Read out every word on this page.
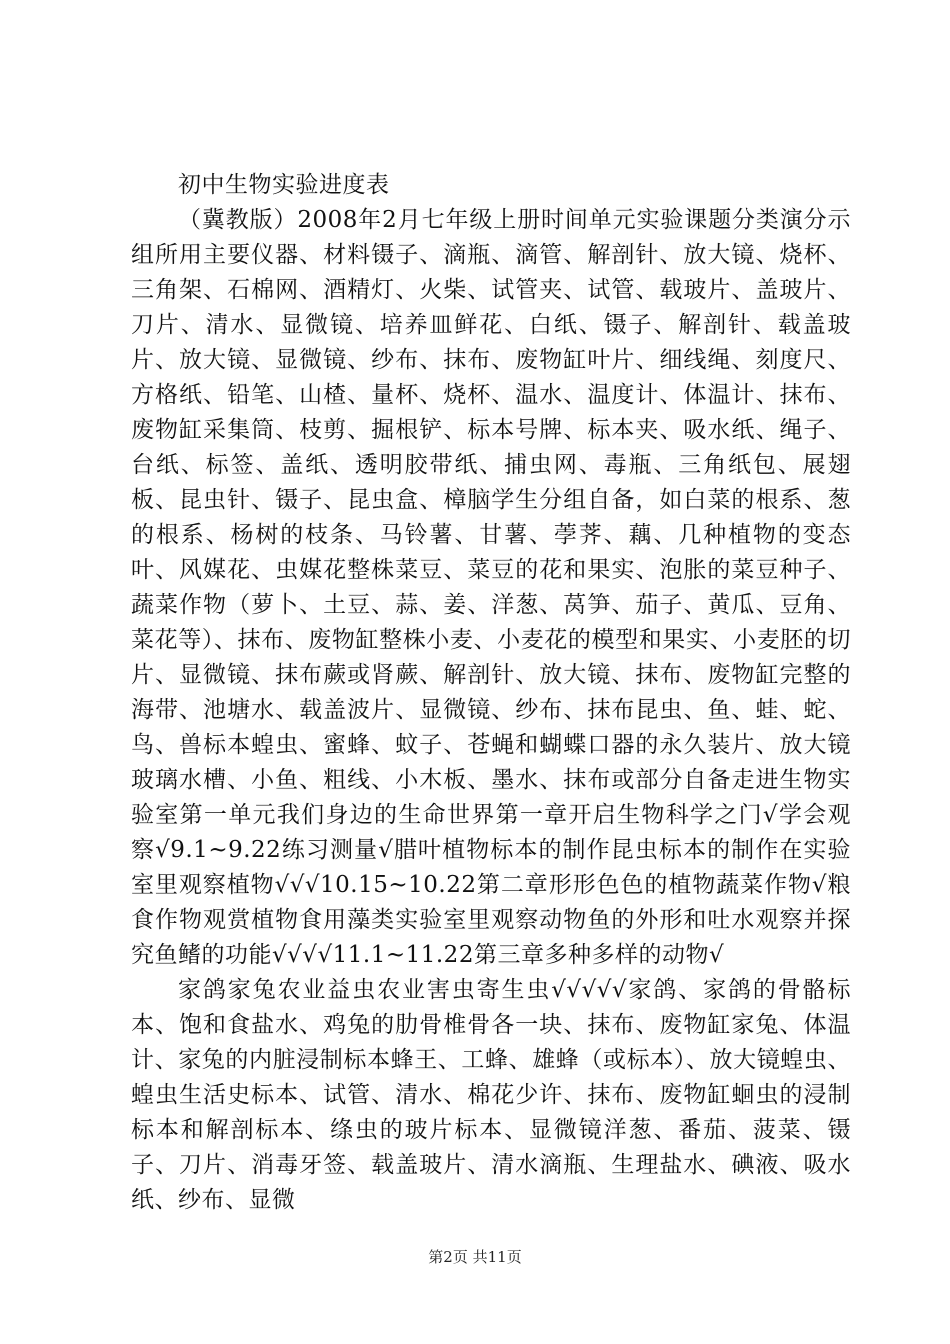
初中生物实验进度表

（冀教版）2008年2月七年级上册时间单元实验课题分类演分示组所用主要仪器、材料镊子、滴瓶、滴管、解剖针、放大镜、烧杯、三角架、石棉网、酒精灯、火柴、试管夹、试管、载玻片、盖玻片、刀片、清水、显微镜、培养皿鲜花、白纸、镊子、解剖针、载盖玻片、放大镜、显微镜、纱布、抹布、废物缸叶片、细线绳、刻度尺、方格纸、铅笔、山楂、量杯、烧杯、温水、温度计、体温计、抹布、废物缸采集筒、枝剪、掘根铲、标本号牌、标本夹、吸水纸、绳子、台纸、标签、盖纸、透明胶带纸、捕虫网、毒瓶、三角纸包、展翅板、昆虫针、镊子、昆虫盒、樟脑学生分组自备，如白菜的根系、葱的根系、杨树的枝条、马铃薯、甘薯、荸荠、藕、几种植物的变态叶、风媒花、虫媒花整株菜豆、菜豆的花和果实、泡胀的菜豆种子、蔬菜作物（萝卜、土豆、蒜、姜、洋葱、莴笋、茄子、黄瓜、豆角、菜花等）、抹布、废物缸整株小麦、小麦花的模型和果实、小麦胚的切片、显微镜、抹布蕨或肾蕨、解剖针、放大镜、抹布、废物缸完整的海带、池塘水、载盖波片、显微镜、纱布、抹布昆虫、鱼、蛙、蛇、鸟、兽标本蝗虫、蜜蜂、蚊子、苍蝇和蝴蝶口器的永久装片、放大镜玻璃水槽、小鱼、粗线、小木板、墨水、抹布或部分自备走进生物实验室第一单元我们身边的生命世界第一章开启生物科学之门√学会观察√9.1~9.22练习测量√腊叶植物标本的制作昆虫标本的制作在实验室里观察植物√√√10.15~10.22第二章形形色色的植物蔬菜作物√粮食作物观赏植物食用藻类实验室里观察动物鱼的外形和吐水观察并探究鱼鳍的功能√√√√11.1~11.22第三章多种多样的动物√

家鸽家兔农业益虫农业害虫寄生虫√√√√√家鸽、家鸽的骨骼标本、饱和食盐水、鸡兔的肋骨椎骨各一块、抹布、废物缸家兔、体温计、家兔的内脏浸制标本蜂王、工蜂、雄蜂（或标本）、放大镜蝗虫、蝗虫生活史标本、试管、清水、棉花少许、抹布、废物缸蛔虫的浸制标本和解剖标本、绦虫的玻片标本、显微镜洋葱、番茄、菠菜、镊子、刀片、消毒牙签、载盖玻片、清水滴瓶、生理盐水、碘液、吸水纸、纱布、显微

第2页 共11页
